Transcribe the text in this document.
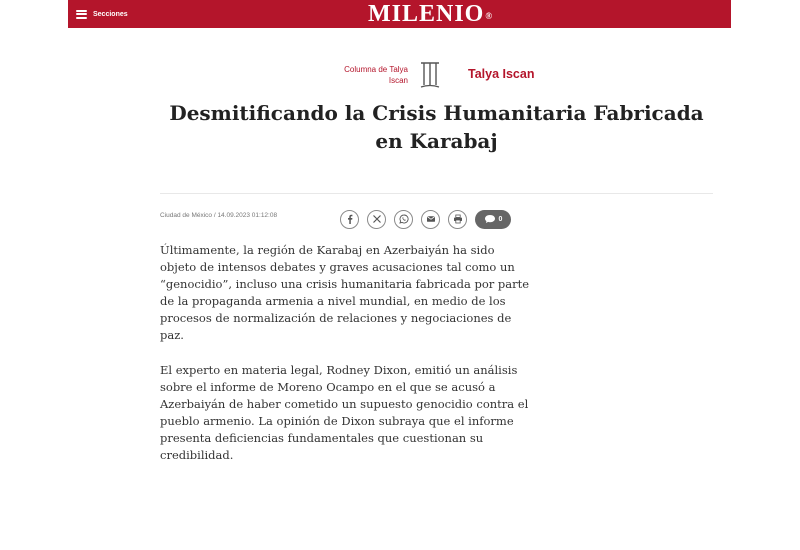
Secciones	MILENIO®
Columna de Talya
Iscan	Talya Iscan
Desmitificando la Crisis Humanitaria Fabricada en Karabaj
Ciudad de México / 14.09.2023 01:12:08	0

Últimamente, la región de Karabaj en Azerbaiyán ha sido objeto de intensos debates y graves acusaciones tal como un “genocidio”, incluso una crisis humanitaria fabricada por parte de la propaganda armenia a nivel mundial, en medio de los procesos de normalización de relaciones y negociaciones de paz.

El experto en materia legal, Rodney Dixon, emitió un análisis sobre el informe de Moreno Ocampo en el que se acusó a Azerbaiyán de haber cometido un supuesto genocidio contra el pueblo armenio. La opinión de Dixon subraya que el informe presenta deficiencias fundamentales que cuestionan su credibilidad.
